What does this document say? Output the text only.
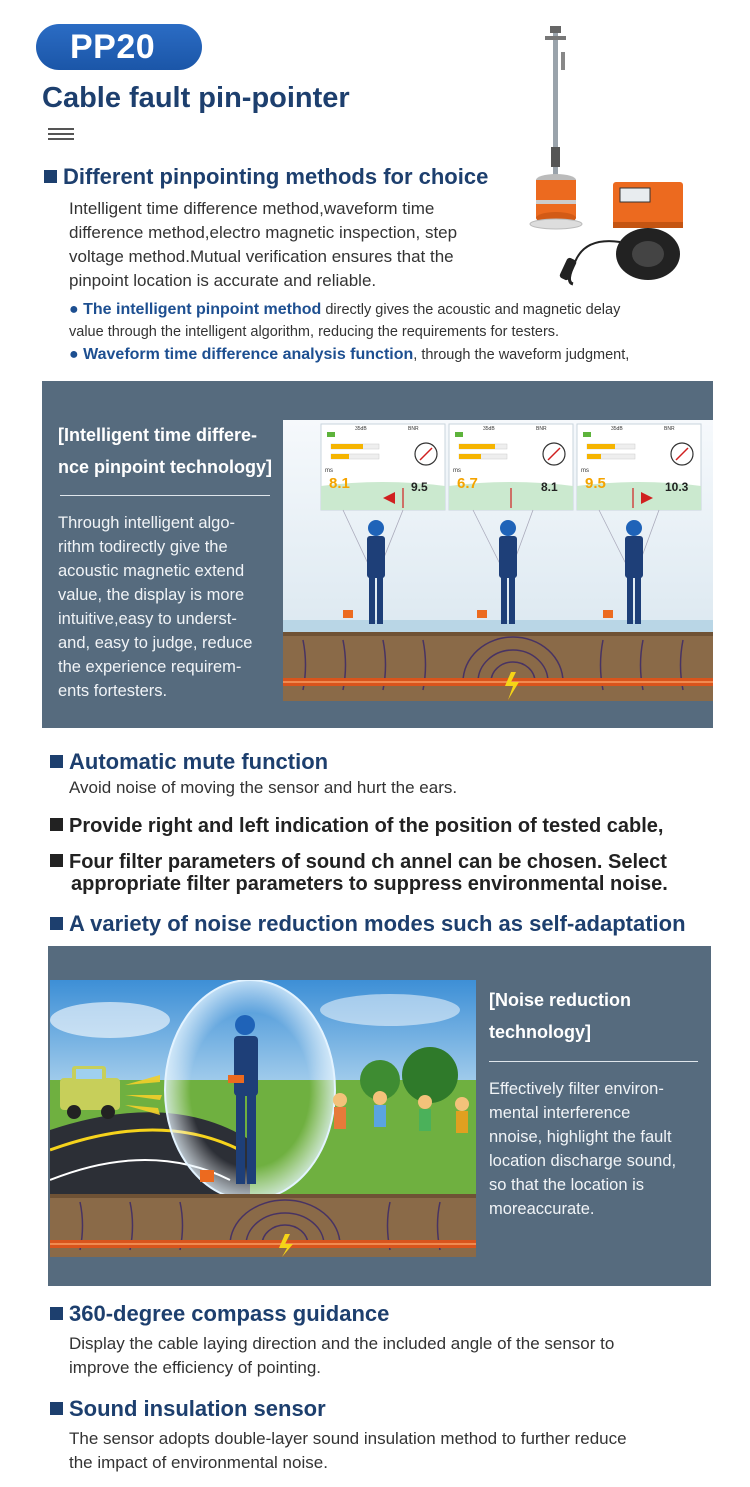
PP20
Cable fault pin-pointer
Different pinpointing methods for choice
Intelligent time difference method,waveform time
difference method,electro magnetic inspection, step
voltage method.Mutual verification ensures that the
pinpoint location is accurate and reliable.
● The intelligent pinpoint method directly gives the acoustic and magnetic delay
value through the intelligent algorithm, reducing the requirements for testers.
● Waveform time difference analysis function, through the waveform judgment,
[Intelligent time differe-
nce pinpoint technology]
Through intelligent algo-
rithm todirectly give the
acoustic magnetic extend
value, the display is more
intuitive,easy to underst-
and, easy to judge, reduce
the experience requirem-
ents fortesters.
35dB	BNR
ms
8.1	9.5
35dB	BNR
ms
6.7	8.1
35dB	BNR
ms
9.5	10.3
Automatic mute function
Avoid noise of moving the sensor and hurt the ears.
Provide right and left indication of the position of tested cable,
Four filter parameters of sound ch annel can be chosen. Select
appropriate filter parameters to suppress environmental noise.
A variety of noise reduction modes such as self-adaptation
[Noise reduction
technology]
Effectively filter environ-
mental interference
nnoise, highlight the fault
location discharge sound,
so that the location is
moreaccurate.
360-degree compass guidance
Display the cable laying direction and the included angle of the sensor to
improve the efficiency of pointing.
Sound insulation sensor
The sensor adopts double-layer sound insulation method to further reduce
the impact of environmental noise.
